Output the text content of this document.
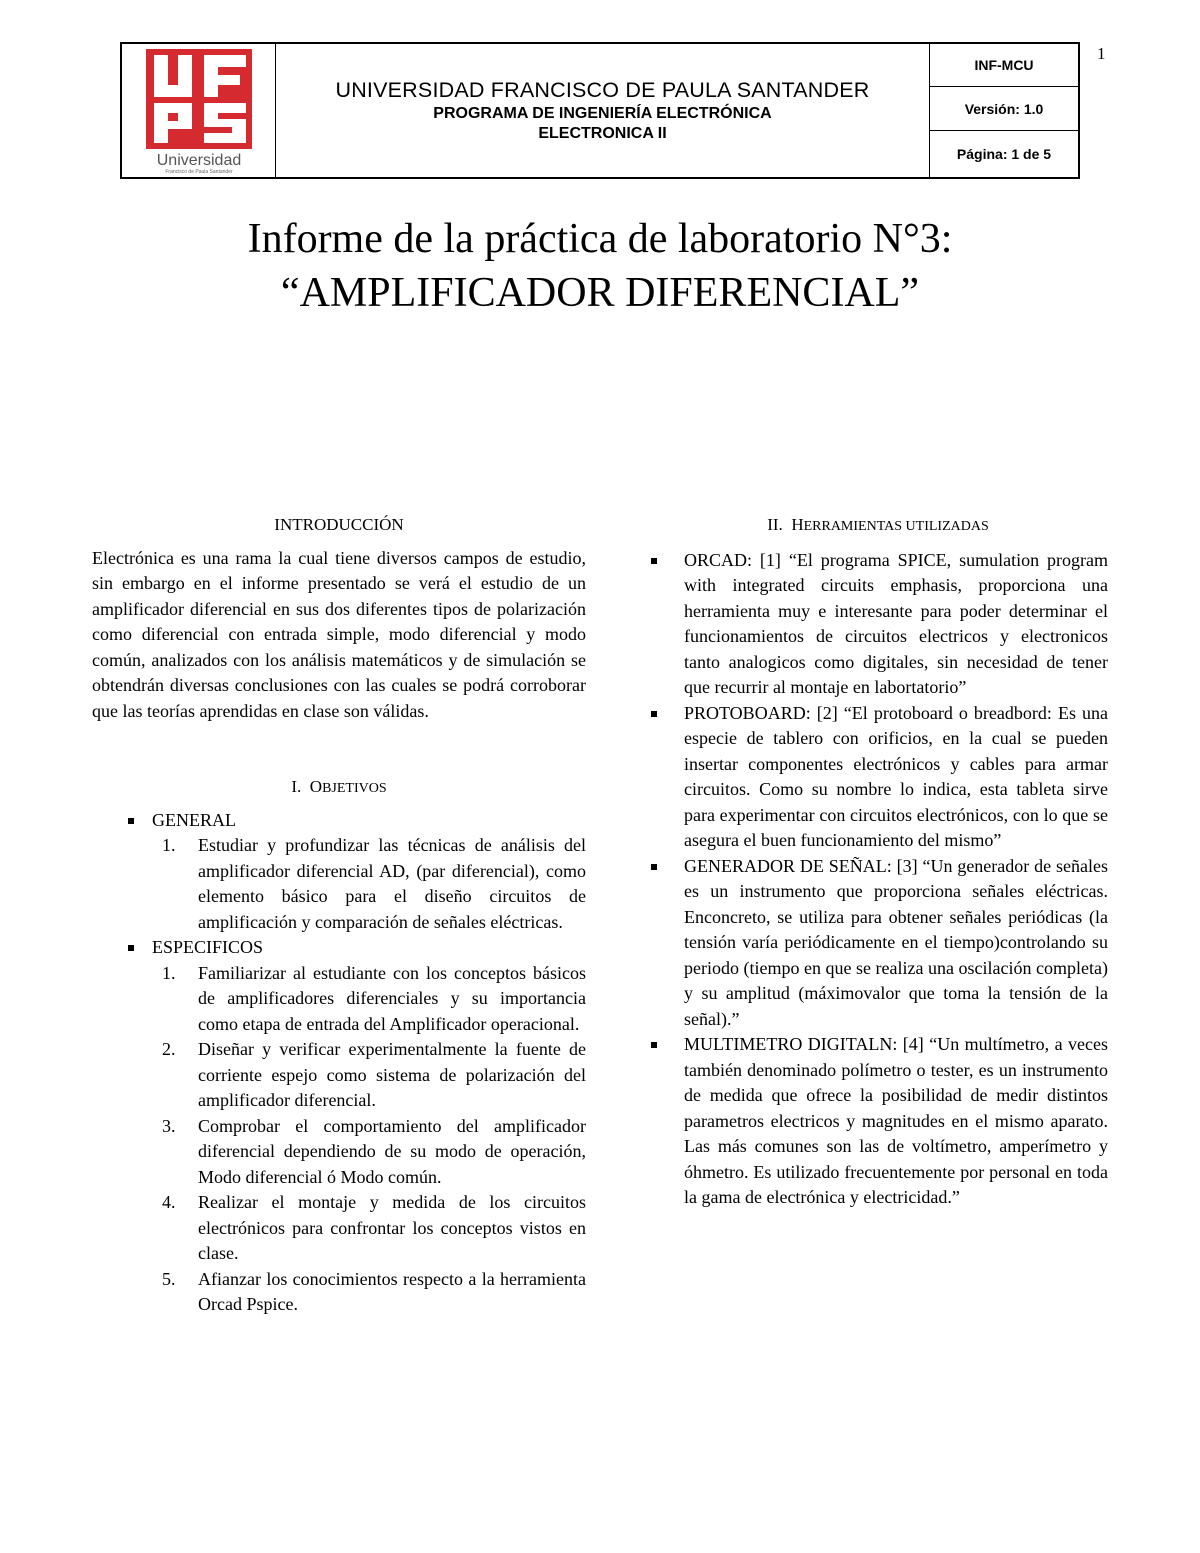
1
Universidad
Francisco de Paula Santander
UNIVERSIDAD FRANCISCO DE PAULA SANTANDER
PROGRAMA DE INGENIERÍA ELECTRÓNICA
ELECTRONICA II
INF-MCU
Versión: 1.0
Página: 1 de 5
Informe de la práctica de laboratorio N°3:
“AMPLIFICADOR DIFERENCIAL”
INTRODUCCIÓN

Electrónica es una rama la cual tiene diversos campos de estudio, sin embargo en el informe presentado se verá el estudio de un amplificador diferencial en sus dos diferentes tipos de polarización como diferencial con entrada simple, modo diferencial y modo común, analizados con los análisis matemáticos y de simulación se obtendrán diversas conclusiones con las cuales se podrá corroborar que las teorías aprendidas en clase son válidas.

I. OBJETIVOS
GENERAL
1. Estudiar y profundizar las técnicas de análisis del amplificador diferencial AD, (par diferencial), como elemento básico para el diseño circuitos de amplificación y comparación de señales eléctricas.
ESPECIFICOS
1. Familiarizar al estudiante con los conceptos básicos de amplificadores diferenciales y su importancia como etapa de entrada del Amplificador operacional.
2. Diseñar y verificar experimentalmente la fuente de corriente espejo como sistema de polarización del amplificador diferencial.
3. Comprobar el comportamiento del amplificador diferencial dependiendo de su modo de operación, Modo diferencial ó Modo común.
4. Realizar el montaje y medida de los circuitos electrónicos para confrontar los conceptos vistos en clase.
5. Afianzar los conocimientos respecto a la herramienta Orcad Pspice.
II. HERRAMIENTAS UTILIZADAS
ORCAD: [1] “El programa SPICE, sumulation program with integrated circuits emphasis, proporciona una herramienta muy e interesante para poder determinar el funcionamientos de circuitos electricos y electronicos tanto analogicos como digitales, sin necesidad de tener que recurrir al montaje en labortatorio”
PROTOBOARD: [2] “El protoboard o breadbord: Es una especie de tablero con orificios, en la cual se pueden insertar componentes electrónicos y cables para armar circuitos. Como su nombre lo indica, esta tableta sirve para experimentar con circuitos electrónicos, con lo que se asegura el buen funcionamiento del mismo”
GENERADOR DE SEÑAL: [3] “Un generador de señales es un instrumento que proporciona señales eléctricas. Enconcreto, se utiliza para obtener señales periódicas (la tensión varía periódicamente en el tiempo)controlando su periodo (tiempo en que se realiza una oscilación completa) y su amplitud (máximovalor que toma la tensión de la señal).”
MULTIMETRO DIGITALN: [4] “Un multímetro, a veces también denominado polímetro o tester, es un instrumento de medida que ofrece la posibilidad de medir distintos parametros electricos y magnitudes en el mismo aparato. Las más comunes son las de voltímetro, amperímetro y óhmetro. Es utilizado frecuentemente por personal en toda la gama de electrónica y electricidad.”
